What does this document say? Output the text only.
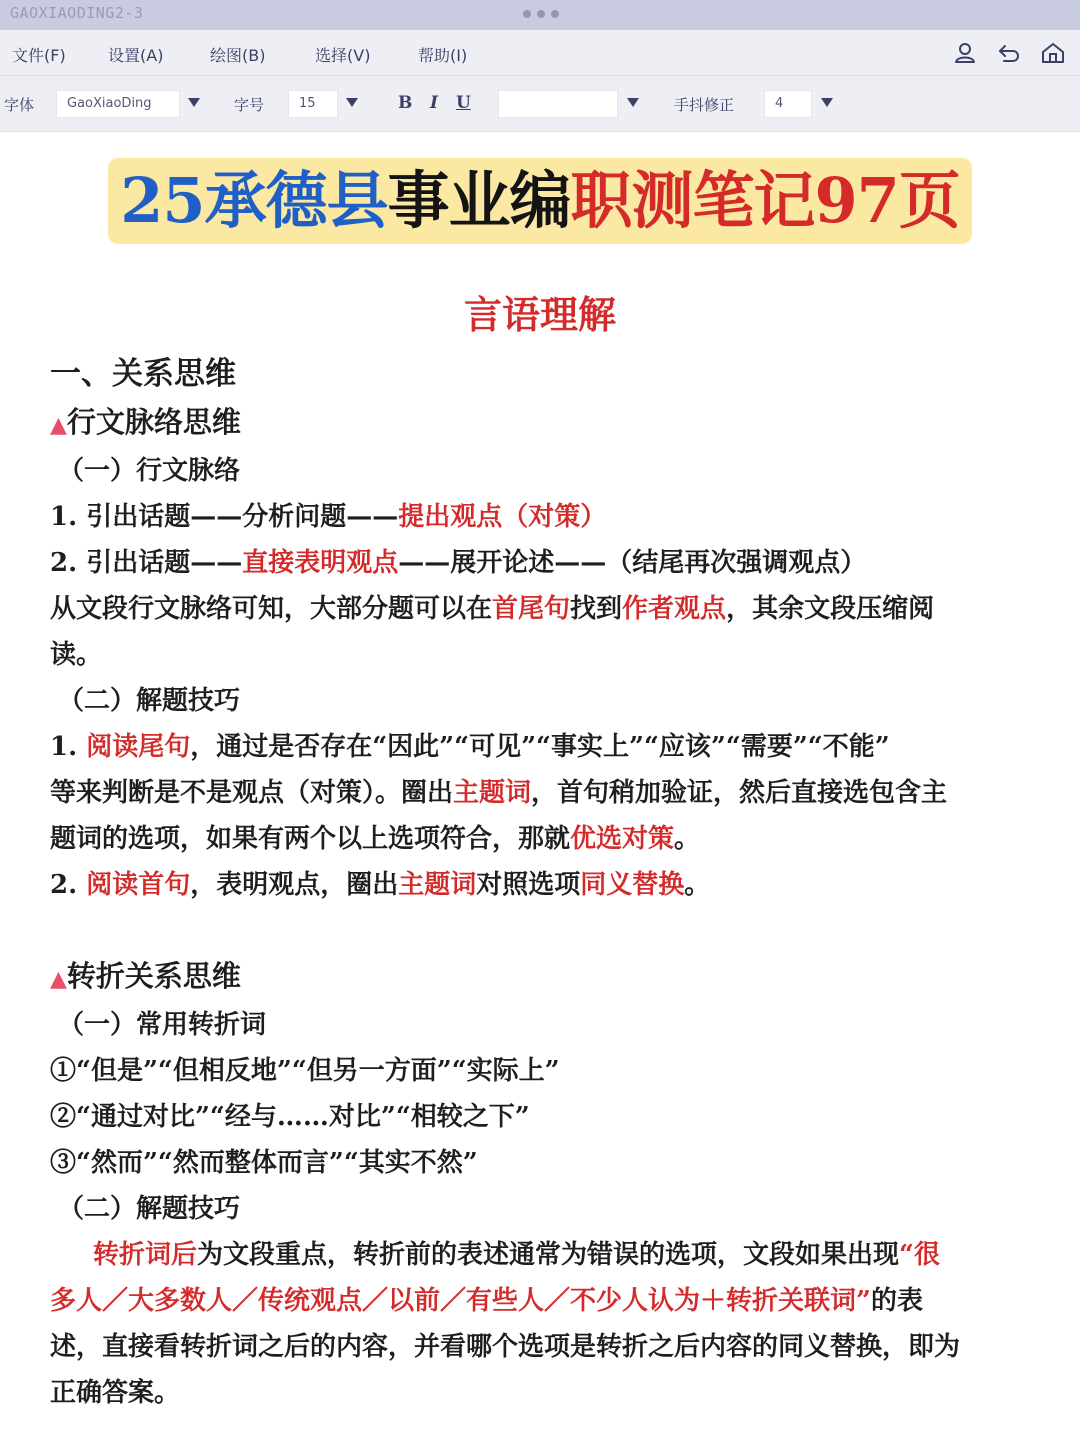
GAOXIAODING2-3
文件(F)	设置(A)	绘图(B)	选择(V)	帮助(I)
字体	GaoXiaoDing	字号	15	B I U	手抖修正	4
25承德县事业编职测笔记97页
言语理解
一、关系思维
▲行文脉络思维
（一）行文脉络
1. 引出话题——分析问题——提出观点（对策）
2. 引出话题——直接表明观点——展开论述——（结尾再次强调观点）
从文段行文脉络可知，大部分题可以在首尾句找到作者观点，其余文段压缩阅
读。
（二）解题技巧
1. 阅读尾句，通过是否存在“因此”“可见”“事实上”“应该”“需要”“不能”
等来判断是不是观点（对策）。圈出主题词，首句稍加验证，然后直接选包含主
题词的选项，如果有两个以上选项符合，那就优选对策。
2. 阅读首句，表明观点，圈出主题词对照选项同义替换。
▲转折关系思维
（一）常用转折词
①“但是”“但相反地”“但另一方面”“实际上”
②“通过对比”“经与……对比”“相较之下”
③“然而”“然而整体而言”“其实不然”
（二）解题技巧
转折词后为文段重点，转折前的表述通常为错误的选项，文段如果出现“很
多人／大多数人／传统观点／以前／有些人／不少人认为＋转折关联词”的表
述，直接看转折词之后的内容，并看哪个选项是转折之后内容的同义替换，即为
正确答案。
